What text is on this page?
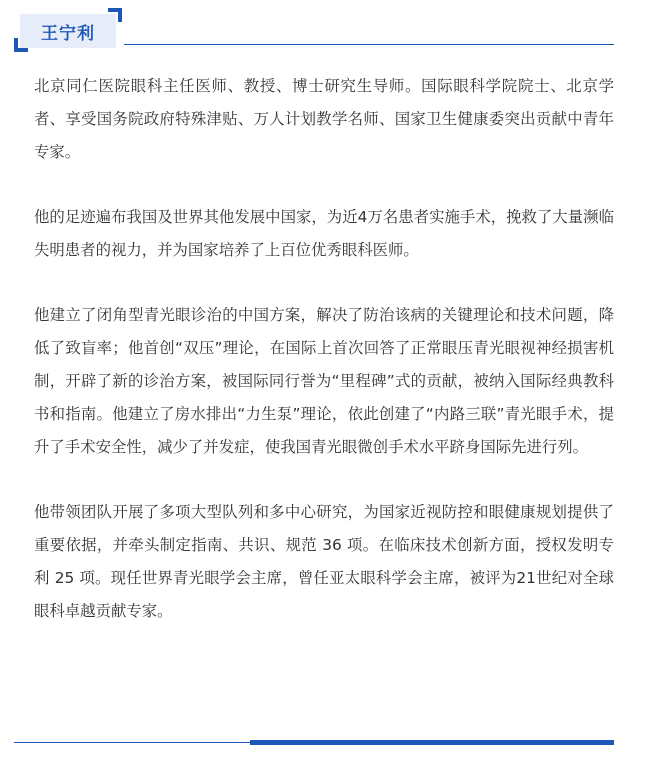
王宁利

北京同仁医院眼科主任医师、教授、博士研究生导师。国际眼科学院院士、北京学者、享受国务院政府特殊津贴、万人计划教学名师、国家卫生健康委突出贡献中青年专家。

他的足迹遍布我国及世界其他发展中国家，为近4万名患者实施手术，挽救了大量濒临失明患者的视力，并为国家培养了上百位优秀眼科医师。

他建立了闭角型青光眼诊治的中国方案，解决了防治该病的关键理论和技术问题，降低了致盲率；他首创“双压”理论，在国际上首次回答了正常眼压青光眼视神经损害机制，开辟了新的诊治方案，被国际同行誉为“里程碑”式的贡献，被纳入国际经典教科书和指南。他建立了房水排出“力生泵”理论，依此创建了“内路三联”青光眼手术，提升了手术安全性，减少了并发症，使我国青光眼微创手术水平跻身国际先进行列。

他带领团队开展了多项大型队列和多中心研究，为国家近视防控和眼健康规划提供了重要依据，并牵头制定指南、共识、规范 36 项。在临床技术创新方面，授权发明专利 25 项。现任世界青光眼学会主席，曾任亚太眼科学会主席，被评为21世纪对全球眼科卓越贡献专家。
